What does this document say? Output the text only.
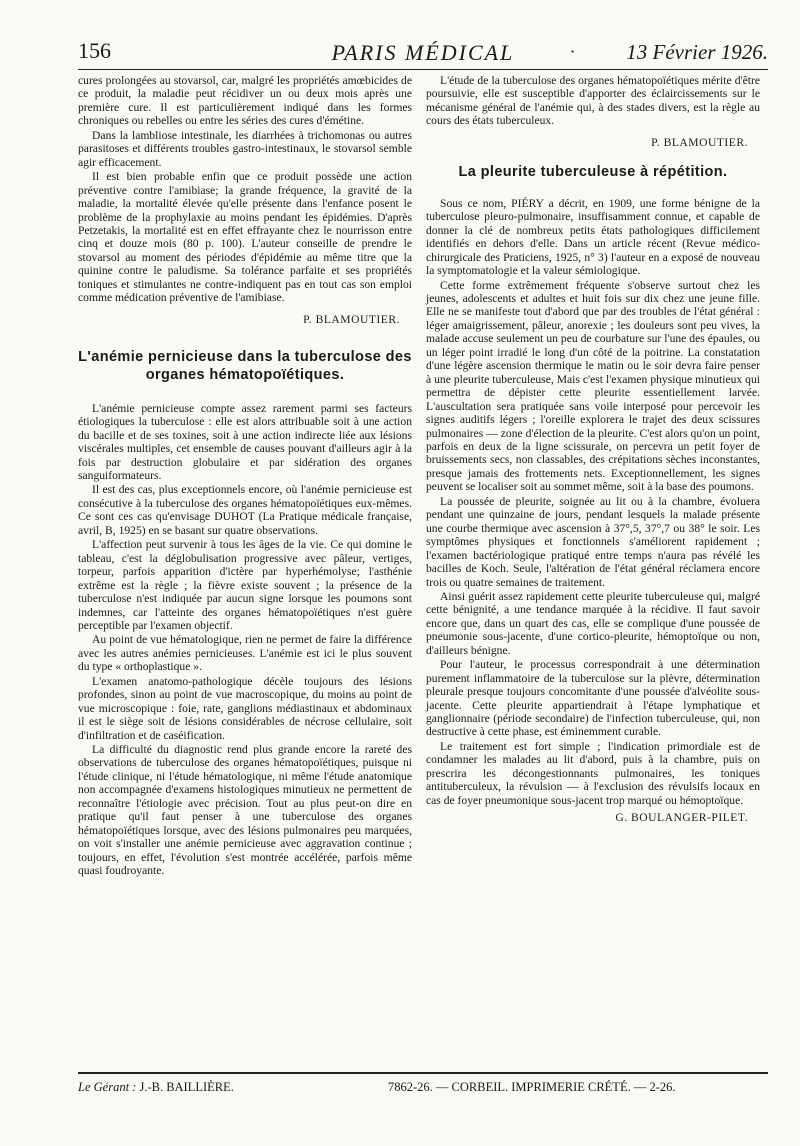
156	PARIS MÉDICAL	· 13 Février 1926.

cures prolongées au stovarsol, car, malgré les propriétés amœbicides de ce produit, la maladie peut récidiver un ou deux mois après une première cure. Il est particulièrement indiqué dans les formes chroniques ou rebelles ou entre les séries des cures d'émétine.

Dans la lambliose intestinale, les diarrhées à trichomonas ou autres parasitoses et différents troubles gastro-intestinaux, le stovarsol semble agir efficacement.

Il est bien probable enfin que ce produit possède une action préventive contre l'amibiase; la grande fréquence, la gravité de la maladie, la mortalité élevée qu'elle présente dans l'enfance posent le problème de la prophylaxie au moins pendant les épidémies. D'après Petzetakis, la mortalité est en effet effrayante chez le nourrisson entre cinq et douze mois (80 p. 100). L'auteur conseille de prendre le stovarsol au moment des périodes d'épidémie au même titre que la quinine contre le paludisme. Sa tolérance parfaite et ses propriétés toniques et stimulantes ne contre-indiquent pas en tout cas son emploi comme médication préventive de l'amibiase.

P. BLAMOUTIER.
L'anémie pernicieuse dans la tuberculose des organes hématopoïétiques.

L'anémie pernicieuse compte assez rarement parmi ses facteurs étiologiques la tuberculose : elle est alors attribuable soit à une action du bacille et de ses toxines, soit à une action indirecte liée aux lésions viscérales multiples, cet ensemble de causes pouvant d'ailleurs agir à la fois par destruction globulaire et par sidération des organes sanguiformateurs.

Il est des cas, plus exceptionnels encore, où l'anémie pernicieuse est consécutive à la tuberculose des organes hématopoïétiques eux-mêmes. Ce sont ces cas qu'envisage DUHOT (La Pratique médicale française, avril, B, 1925) en se basant sur quatre observations.

L'affection peut survenir à tous les âges de la vie. Ce qui domine le tableau, c'est la déglobulisation progressive avec pâleur, vertiges, torpeur, parfois apparition d'ictère par hyperhémolyse; l'asthénie extrême est la règle ; la fièvre existe souvent ; la présence de la tuberculose n'est indiquée par aucun signe lorsque les poumons sont indemnes, car l'atteinte des organes hématopoïétiques n'est guère perceptible par l'examen objectif.

Au point de vue hématologique, rien ne permet de faire la différence avec les autres anémies pernicieuses. L'anémie est ici le plus souvent du type « orthoplastique ».

L'examen anatomo-pathologique décèle toujours des lésions profondes, sinon au point de vue macroscopique, du moins au point de vue microscopique : foie, rate, ganglions médiastinaux et abdominaux il est le siège soit de lésions considérables de nécrose cellulaire, soit d'infiltration et de caséification.

La difficulté du diagnostic rend plus grande encore la rareté des observations de tuberculose des organes hématopoïétiques, puisque ni l'étude clinique, ni l'étude hématologique, ni même l'étude anatomique non accompagnée d'examens histologiques minutieux ne permettent de reconnaître l'étiologie avec précision. Tout au plus peut-on dire en pratique qu'il faut penser à une tuberculose des organes hématopoïétiques lorsque, avec des lésions pulmonaires peu marquées, on voit s'installer une anémie pernicieuse avec aggravation continue ; toujours, en effet, l'évolution s'est montrée accélérée, parfois même quasi foudroyante.

L'étude de la tuberculose des organes hématopoïétiques mérite d'être poursuivie, elle est susceptible d'apporter des éclaircissements sur le mécanisme général de l'anémie qui, à des stades divers, est la règle au cours des états tuberculeux.

P. BLAMOUTIER.
La pleurite tuberculeuse à répétition.

Sous ce nom, PIÉRY a décrit, en 1909, une forme bénigne de la tuberculose pleuro-pulmonaire, insuffisamment connue, et capable de donner la clé de nombreux petits états pathologiques difficilement identifiés en dehors d'elle. Dans un article récent (Revue médico-chirurgicale des Praticiens, 1925, n° 3) l'auteur en a exposé de nouveau la symptomatologie et la valeur sémiologique.

Cette forme extrêmement fréquente s'observe surtout chez les jeunes, adolescents et adultes et huit fois sur dix chez une jeune fille. Elle ne se manifeste tout d'abord que par des troubles de l'état général : léger amaigrissement, pâleur, anorexie ; les douleurs sont peu vives, la malade accuse seulement un peu de courbature sur l'une des épaules, ou un léger point irradié le long d'un côté de la poitrine. La constatation d'une légère ascension thermique le matin ou le soir devra faire penser à une pleurite tuberculeuse, Mais c'est l'examen physique minutieux qui permettra de dépister cette pleurite essentiellement larvée. L'auscultation sera pratiquée sans voile interposé pour percevoir les signes auditifs légers ; l'oreille explorera le trajet des deux scissures pulmonaires — zone d'élection de la pleurite. C'est alors qu'on un point, parfois en deux de la ligne scissurale, on percevra un petit foyer de bruissements secs, non classables, des crépitations sèches inconstantes, presque jamais des frottements nets. Exceptionnellement, les signes peuvent se localiser soit au sommet même, soit à la base des poumons.

La poussée de pleurite, soignée au lit ou à la chambre, évoluera pendant une quinzaine de jours, pendant lesquels la malade présente une courbe thermique avec ascension à 37°,5, 37°,7 ou 38° le soir. Les symptômes physiques et fonctionnels s'améliorent rapidement ; l'examen bactériologique pratiqué entre temps n'aura pas révélé les bacilles de Koch. Seule, l'altération de l'état général réclamera encore trois ou quatre semaines de traitement.

Ainsi guérit assez rapidement cette pleurite tuberculeuse qui, malgré cette bénignité, a une tendance marquée à la récidive. Il faut savoir encore que, dans un quart des cas, elle se complique d'une poussée de pneumonie sous-jacente, d'une cortico-pleurite, hémoptoïque ou non, d'ailleurs bénigne.

Pour l'auteur, le processus correspondrait à une détermination purement inflammatoire de la tuberculose sur la plèvre, détermination pleurale presque toujours concomitante d'une poussée d'alvéolite sous-jacente. Cette pleurite appartiendrait à l'étape lymphatique et ganglionnaire (période secondaire) de l'infection tuberculeuse, qui, non destructive à cette phase, est éminemment curable.

Le traitement est fort simple ; l'indication primordiale est de condamner les malades au lit d'abord, puis à la chambre, puis on prescrira les décongestionnants pulmonaires, les toniques antituberculeux, la révulsion — à l'exclusion des révulsifs locaux en cas de foyer pneumonique sous-jacent trop marqué ou hémoptoïque.

G. BOULANGER-PILET.
Le Gérant : J.-B. BAILLIÈRE.	7862-26. — CORBEIL. IMPRIMERIE CRÉTÉ. — 2-26.
